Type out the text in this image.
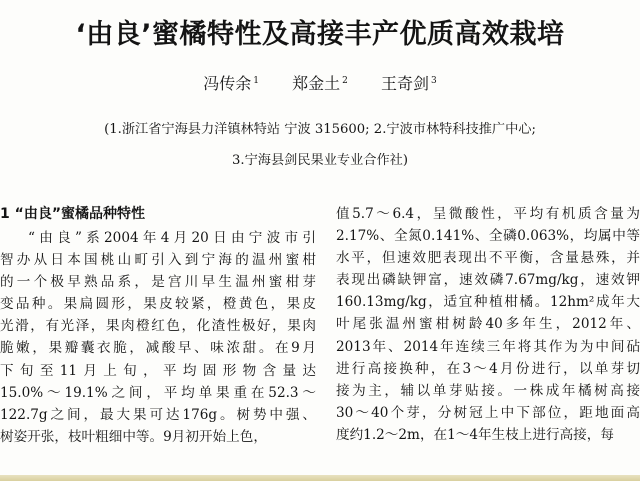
‘由良’蜜橘特性及高接丰产优质高效栽培
冯传余 $^1$ 郑金土 $^2$ 王奇剑 $^3$
(1.浙江省宁海县力洋镇林特站 宁波 315600; 2.宁波市林特科技推广中心;
3.宁海县剑民果业专业合作社)
1 “由良”蜜橘品种特性
“由良”系2004年4月20日由宁波市引
智办从日本国桃山町引入到宁海的温州蜜柑
的一个极早熟品系，是宫川早生温州蜜柑芽
变品种。果扁圆形，果皮较紧，橙黄色，果皮
光滑，有光泽，果肉橙红色，化渣性极好，果肉
脆嫩，果瓣囊衣脆，减酸早、味浓甜。在9月
下旬至11月上旬，平均固形物含量达
15.0%～19.1%之间，平均单果重在52.3～
122.7g之间，最大果可达176g。树势中强、
树姿开张，枝叶粗细中等。9月初开始上色，
值5.7～6.4，呈微酸性，平均有机质含量为
2.17%、全氮0.141%、全磷0.063%，均属中等
水平，但速效肥表现出不平衡，含量悬殊，并
表现出磷缺钾富，速效磷7.67mg/kg，速效钾
160.13mg/kg，适宜种植柑橘。12hm²成年大
叶尾张温州蜜柑树龄40多年生，2012年、
2013年、2014年连续三年将其作为为中间砧
进行高接换种，在3～4月份进行，以单芽切
接为主，辅以单芽贴接。一株成年橘树高接
30～40个芽，分树冠上中下部位，距地面高
度约1.2～2m，在1～4年生枝上进行高接，每
